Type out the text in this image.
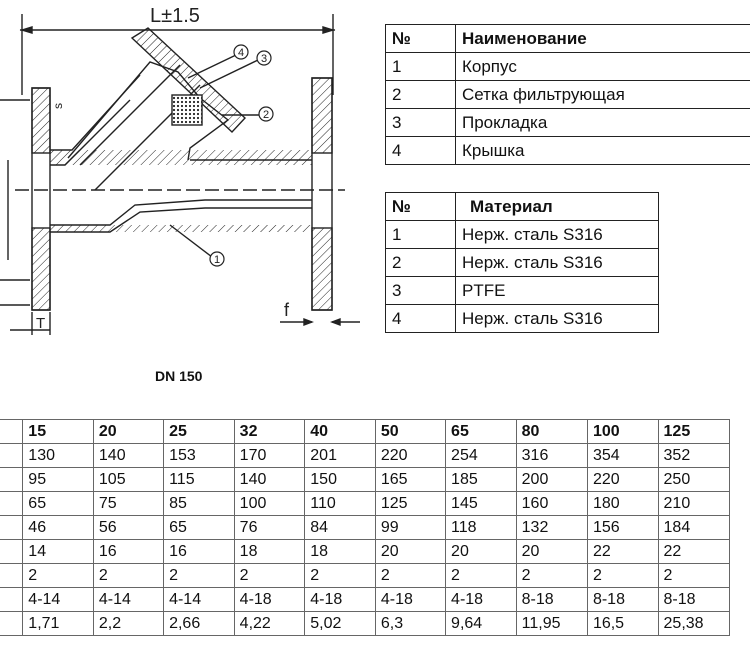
4 3
2
1
L±1.5
T
f
s
№	Наименование
1	Корпус
2	Сетка фильтрующая
3	Прокладка
4	Крышка
№	Материал
1	Нерж. сталь S316
2	Нерж. сталь S316
3	PTFE
4	Нерж. сталь S316
DN 150
	15	20	25	32	40	50	65	80	100	125
	130	140	153	170	201	220	254	316	354	352
	95	105	115	140	150	165	185	200	220	250
	65	75	85	100	110	125	145	160	180	210
	46	56	65	76	84	99	118	132	156	184
	14	16	16	18	18	20	20	20	22	22
	2	2	2	2	2	2	2	2	2	2
	4-14	4-14	4-14	4-18	4-18	4-18	4-18	8-18	8-18	8-18
	1,71	2,2	2,66	4,22	5,02	6,3	9,64	11,95	16,5	25,38
